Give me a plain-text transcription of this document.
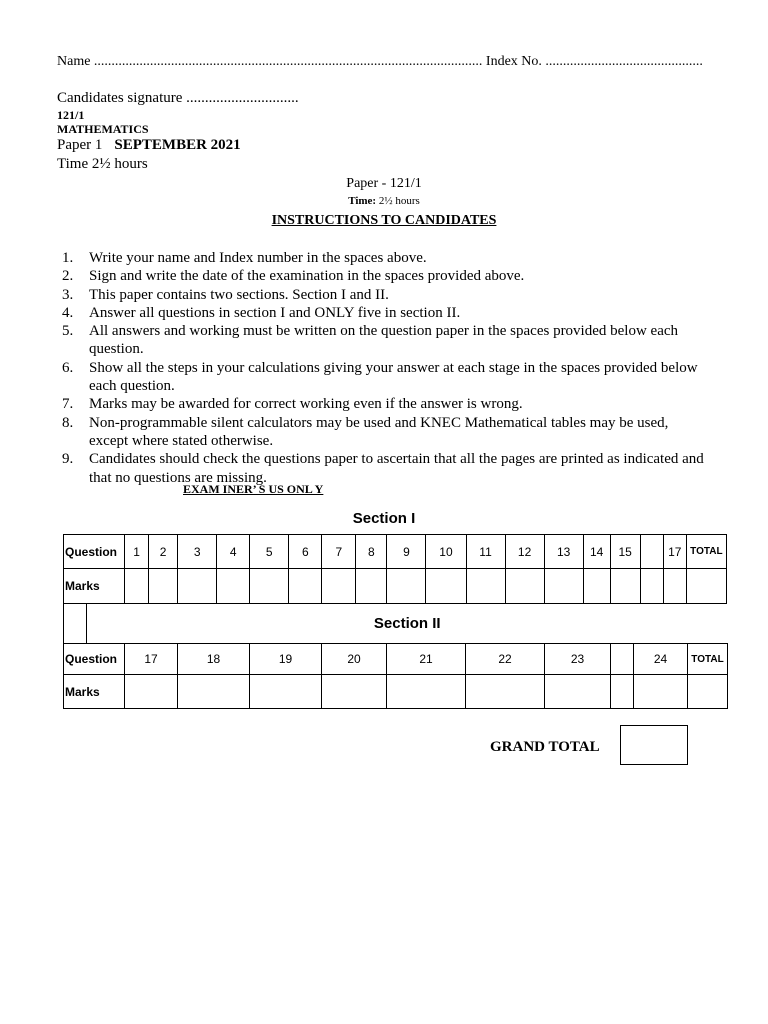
Name ............................................................................................................... Index No. .............................................
Candidates signature ..............................
121/1
MATHEMATICS
Paper 1 SEPTEMBER 2021
Time 2½ hours
Paper - 121/1
Time: 2½ hours
INSTRUCTIONS TO CANDIDATES
1. Write your name and Index number in the spaces above.
2. Sign and write the date of the examination in the spaces provided above.
3. This paper contains two sections. Section I and II.
4. Answer all questions in section I and ONLY five in section II.
5. All answers and working must be written on the question paper in the spaces provided below each question.
6. Show all the steps in your calculations giving your answer at each stage in the spaces provided below each question.
7. Marks may be awarded for correct working even if the answer is wrong.
8. Non-programmable silent calculators may be used and KNEC Mathematical tables may be used, except where stated otherwise.
9. Candidates should check the questions paper to ascertain that all the pages are printed as indicated and that no questions are missing.
EXAM INER’ S US ONL Y
Section I
Question	1	2	3	4	5	6	7	8	9	10	11	12	13	14	15		17	TOTAL
Marks																		
	Section II
Question	17	18	19	20	21	22	23		24	TOTAL
Marks										
GRAND TOTAL
